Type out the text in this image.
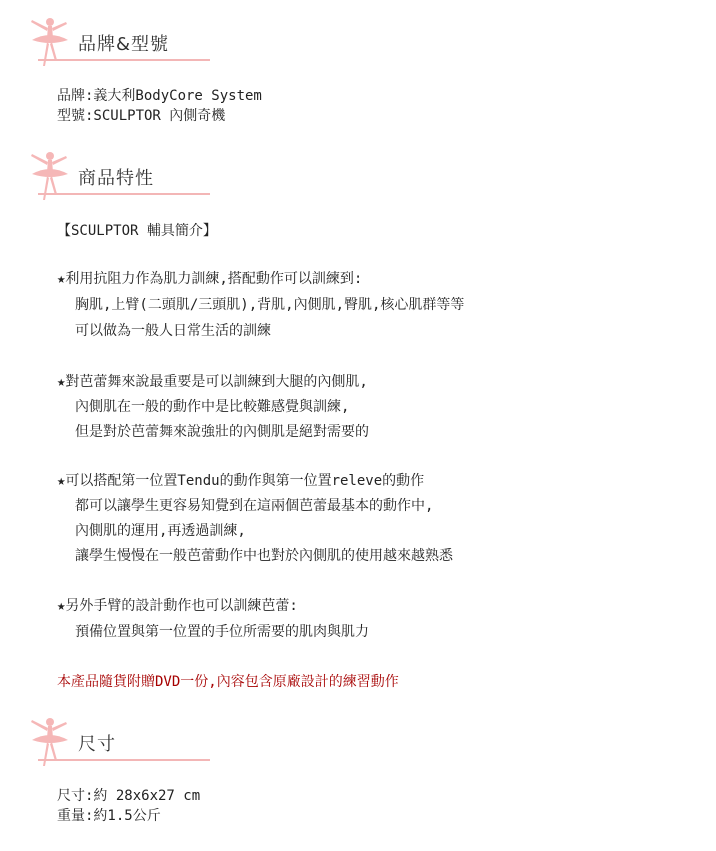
品牌&型號
品牌:義大利BodyCore System
型號:SCULPTOR 內側奇機
商品特性
【SCULPTOR 輔具簡介】
★利用抗阻力作為肌力訓練,搭配動作可以訓練到:
胸肌,上臂(二頭肌/三頭肌),背肌,內側肌,臀肌,核心肌群等等
可以做為一般人日常生活的訓練
★對芭蕾舞來說最重要是可以訓練到大腿的內側肌,
內側肌在一般的動作中是比較難感覺與訓練,
但是對於芭蕾舞來說強壯的內側肌是絕對需要的
★可以搭配第一位置Tendu的動作與第一位置releve的動作
都可以讓學生更容易知覺到在這兩個芭蕾最基本的動作中,
內側肌的運用,再透過訓練,
讓學生慢慢在一般芭蕾動作中也對於內側肌的使用越來越熟悉
★另外手臂的設計動作也可以訓練芭蕾:
預備位置與第一位置的手位所需要的肌肉與肌力
本產品隨貨附贈DVD一份,內容包含原廠設計的練習動作
尺寸
尺寸:約 28x6x27 cm
重量:約1.5公斤
